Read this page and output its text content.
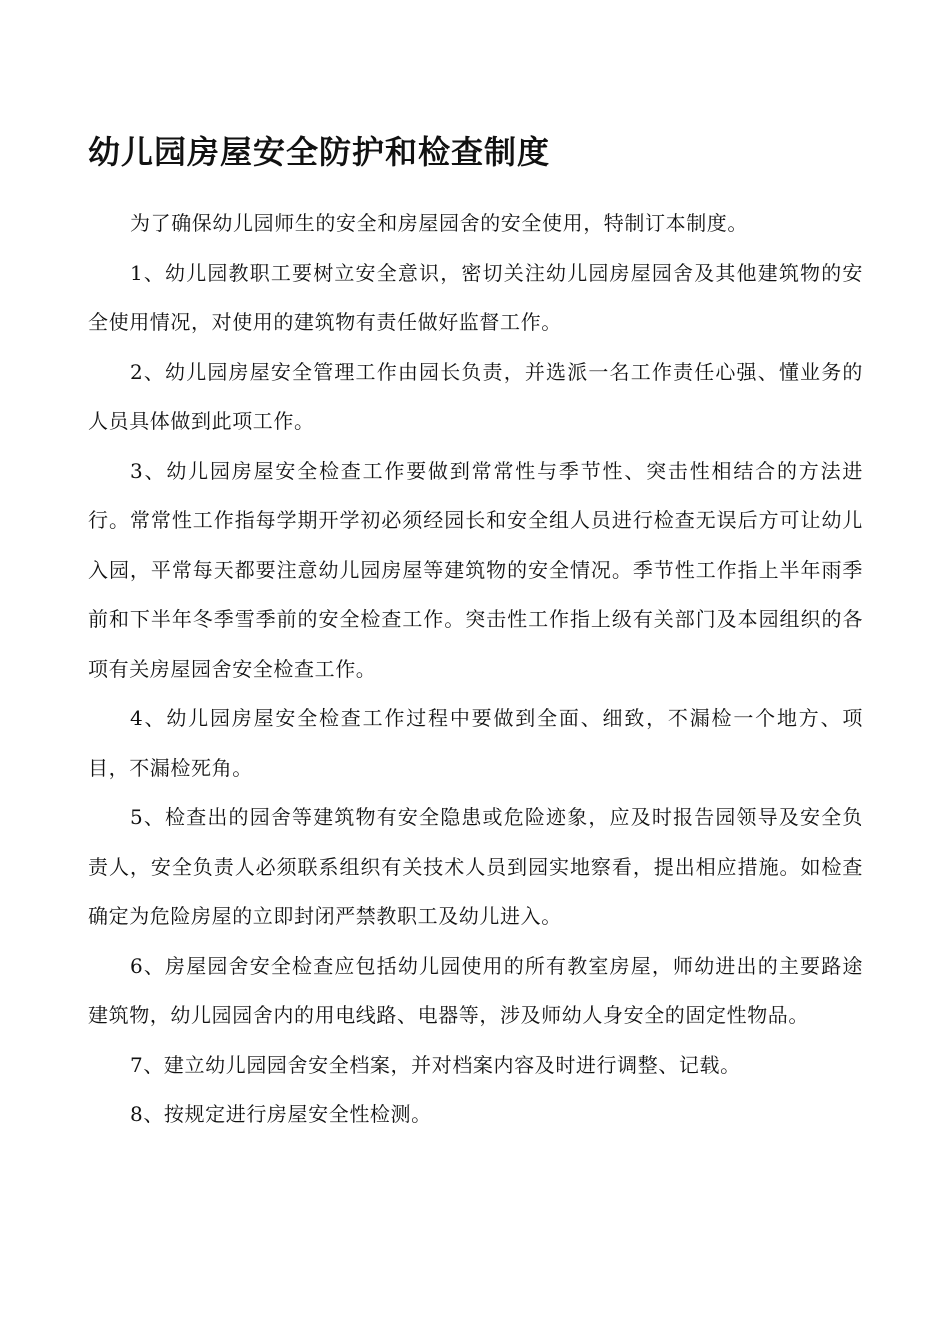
幼儿园房屋安全防护和检查制度

为了确保幼儿园师生的安全和房屋园舍的安全使用，特制订本制度。

1、幼儿园教职工要树立安全意识，密切关注幼儿园房屋园舍及其他建筑物的安全使用情况，对使用的建筑物有责任做好监督工作。

2、幼儿园房屋安全管理工作由园长负责，并选派一名工作责任心强、懂业务的人员具体做到此项工作。

3、幼儿园房屋安全检查工作要做到常常性与季节性、突击性相结合的方法进行。常常性工作指每学期开学初必须经园长和安全组人员进行检查无误后方可让幼儿入园，平常每天都要注意幼儿园房屋等建筑物的安全情况。季节性工作指上半年雨季前和下半年冬季雪季前的安全检查工作。突击性工作指上级有关部门及本园组织的各项有关房屋园舍安全检查工作。

4、幼儿园房屋安全检查工作过程中要做到全面、细致，不漏检一个地方、项目，不漏检死角。

5、检查出的园舍等建筑物有安全隐患或危险迹象，应及时报告园领导及安全负责人，安全负责人必须联系组织有关技术人员到园实地察看，提出相应措施。如检查确定为危险房屋的立即封闭严禁教职工及幼儿进入。

6、房屋园舍安全检查应包括幼儿园使用的所有教室房屋，师幼进出的主要路途建筑物，幼儿园园舍内的用电线路、电器等，涉及师幼人身安全的固定性物品。

7、建立幼儿园园舍安全档案，并对档案内容及时进行调整、记载。

8、按规定进行房屋安全性检测。
